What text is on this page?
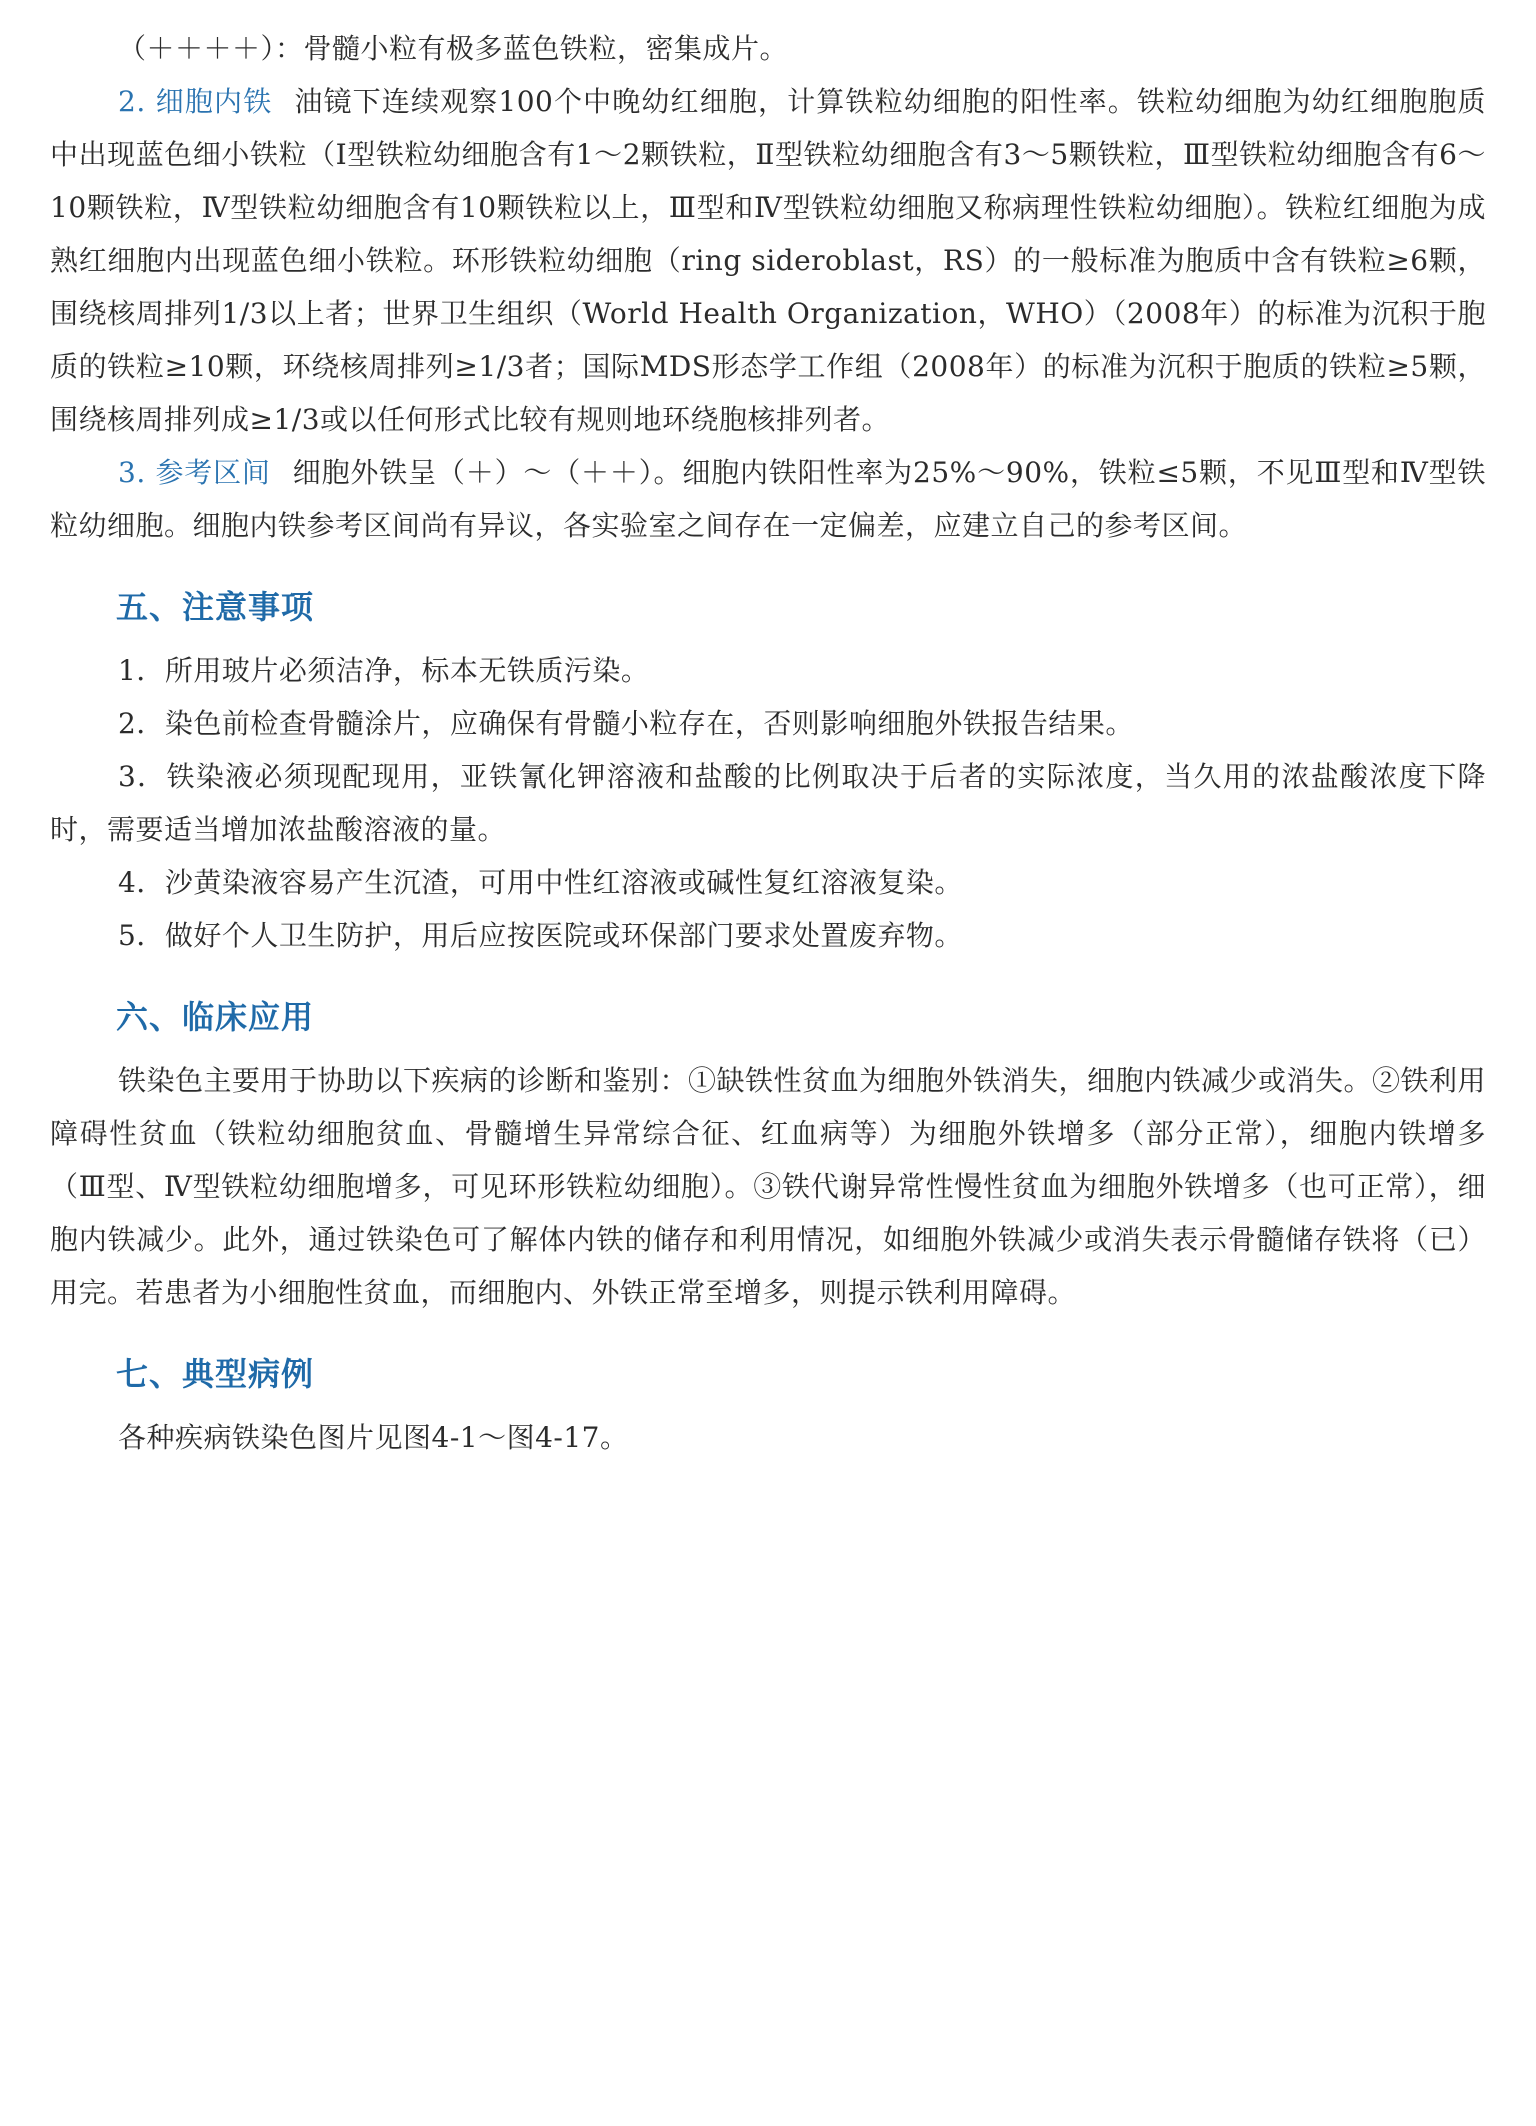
（＋＋＋＋）：骨髓小粒有极多蓝色铁粒，密集成片。

2. 细胞内铁 油镜下连续观察100个中晚幼红细胞，计算铁粒幼细胞的阳性率。铁粒幼细胞为幼红细胞胞质中出现蓝色细小铁粒（Ⅰ型铁粒幼细胞含有1～2颗铁粒，Ⅱ型铁粒幼细胞含有3～5颗铁粒，Ⅲ型铁粒幼细胞含有6～10颗铁粒，Ⅳ型铁粒幼细胞含有10颗铁粒以上，Ⅲ型和Ⅳ型铁粒幼细胞又称病理性铁粒幼细胞）。铁粒红细胞为成熟红细胞内出现蓝色细小铁粒。环形铁粒幼细胞（ring sideroblast，RS）的一般标准为胞质中含有铁粒≥6颗，围绕核周排列1/3以上者；世界卫生组织（World Health Organization，WHO）（2008年）的标准为沉积于胞质的铁粒≥10颗，环绕核周排列≥1/3者；国际MDS形态学工作组（2008年）的标准为沉积于胞质的铁粒≥5颗，围绕核周排列成≥1/3或以任何形式比较有规则地环绕胞核排列者。

3. 参考区间 细胞外铁呈（＋）～（＋＋）。细胞内铁阳性率为25%～90%，铁粒≤5颗，不见Ⅲ型和Ⅳ型铁粒幼细胞。细胞内铁参考区间尚有异议，各实验室之间存在一定偏差，应建立自己的参考区间。

五、注意事项

1．所用玻片必须洁净，标本无铁质污染。

2．染色前检查骨髓涂片，应确保有骨髓小粒存在，否则影响细胞外铁报告结果。

3．铁染液必须现配现用，亚铁氰化钾溶液和盐酸的比例取决于后者的实际浓度，当久用的浓盐酸浓度下降时，需要适当增加浓盐酸溶液的量。

4．沙黄染液容易产生沉渣，可用中性红溶液或碱性复红溶液复染。

5．做好个人卫生防护，用后应按医院或环保部门要求处置废弃物。

六、临床应用

铁染色主要用于协助以下疾病的诊断和鉴别：①缺铁性贫血为细胞外铁消失，细胞内铁减少或消失。②铁利用障碍性贫血（铁粒幼细胞贫血、骨髓增生异常综合征、红血病等）为细胞外铁增多（部分正常），细胞内铁增多（Ⅲ型、Ⅳ型铁粒幼细胞增多，可见环形铁粒幼细胞）。③铁代谢异常性慢性贫血为细胞外铁增多（也可正常），细胞内铁减少。此外，通过铁染色可了解体内铁的储存和利用情况，如细胞外铁减少或消失表示骨髓储存铁将（已）用完。若患者为小细胞性贫血，而细胞内、外铁正常至增多，则提示铁利用障碍。

七、典型病例

各种疾病铁染色图片见图4-1～图4-17。
